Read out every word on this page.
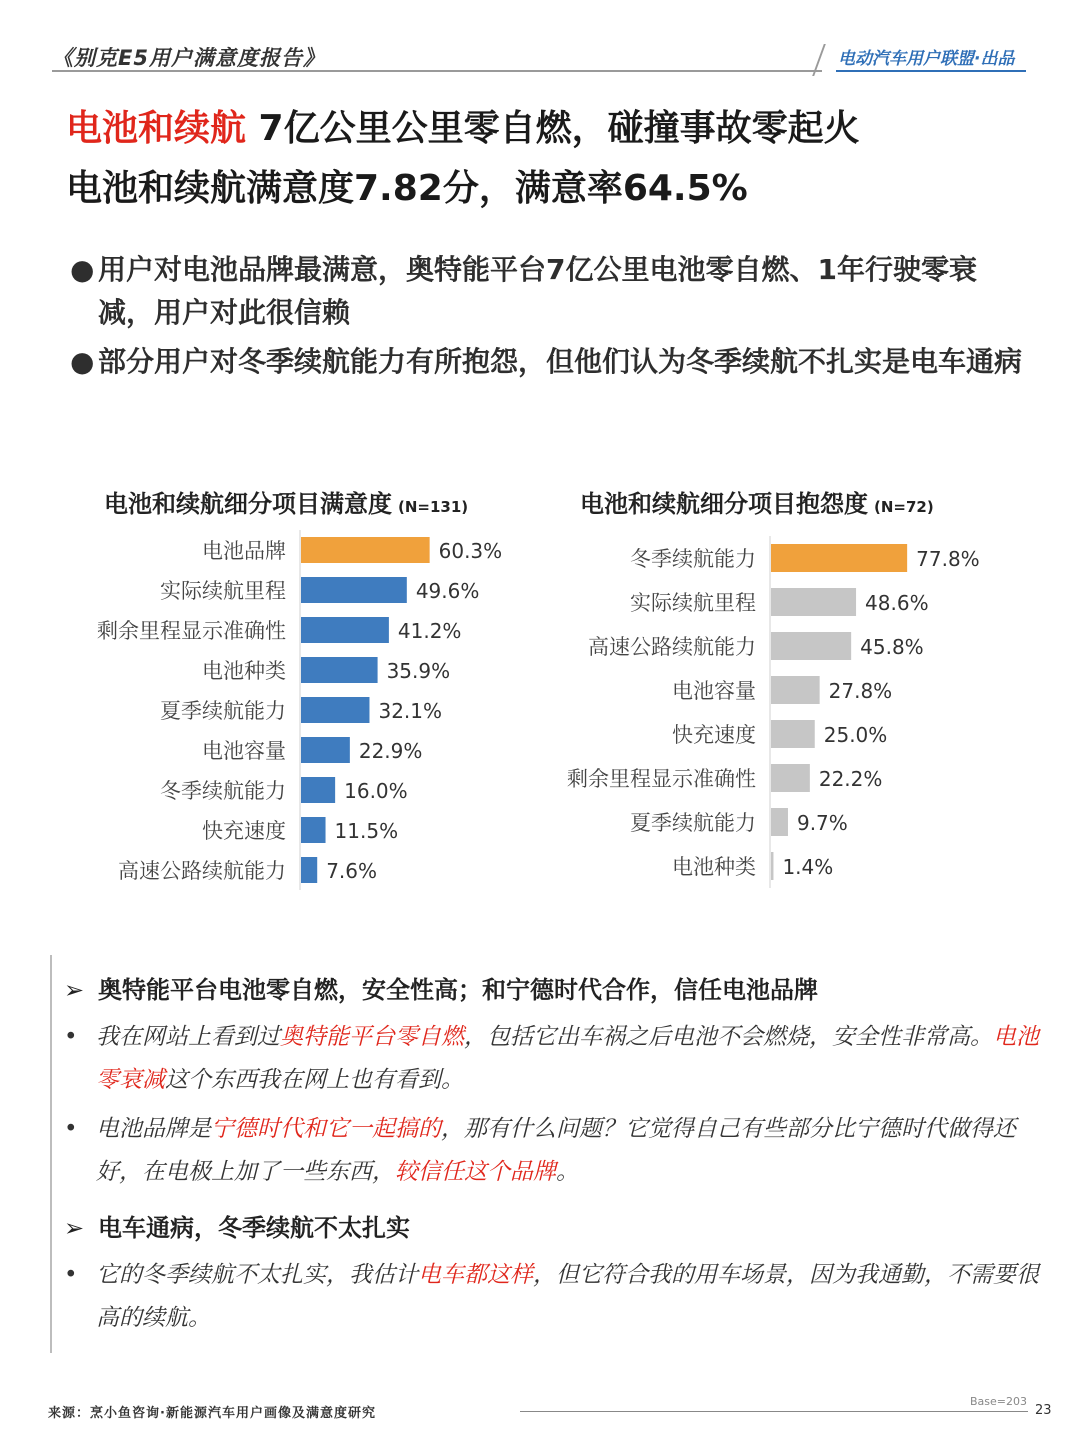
《别克E5用户满意度报告》	电动汽车用户联盟·出品
电池和续航 7亿公里公里零自燃，碰撞事故零起火
电池和续航满意度7.82分，满意率64.5%
● 用户对电池品牌最满意，奥特能平台7亿公里电池零自燃、1年行驶零衰减，用户对此很信赖
● 部分用户对冬季续航能力有所抱怨，但他们认为冬季续航不扎实是电车通病
电池和续航细分项目满意度 (N=131)	电池和续航细分项目抱怨度 (N=72)
电池品牌	60.3%
实际续航里程	49.6%
剩余里程显示准确性	41.2%
电池种类	35.9%
夏季续航能力	32.1%
电池容量	22.9%
冬季续航能力	16.0%
快充速度 11.5%
高速公路续航能力 7.6%
冬季续航能力	77.8%
实际续航里程	48.6%
高速公路续航能力	45.8%
电池容量	27.8%
快充速度	25.0%
剩余里程显示准确性	22.2%
夏季续航能力 9.7%
电池种类 1.4%
➢ 奥特能平台电池零自燃，安全性高；和宁德时代合作，信任电池品牌
• 我在网站上看到过奥特能平台零自燃，包括它出车祸之后电池不会燃烧，安全性非常高。电池零衰减这个东西我在网上也有看到。
• 电池品牌是宁德时代和它一起搞的，那有什么问题？它觉得自己有些部分比宁德时代做得还好，在电极上加了一些东西，较信任这个品牌。
➢ 电车通病，冬季续航不太扎实
• 它的冬季续航不太扎实，我估计电车都这样，但它符合我的用车场景，因为我通勤，不需要很高的续航。
来源：烹小鱼咨询·新能源汽车用户画像及满意度研究
Base=203
23
